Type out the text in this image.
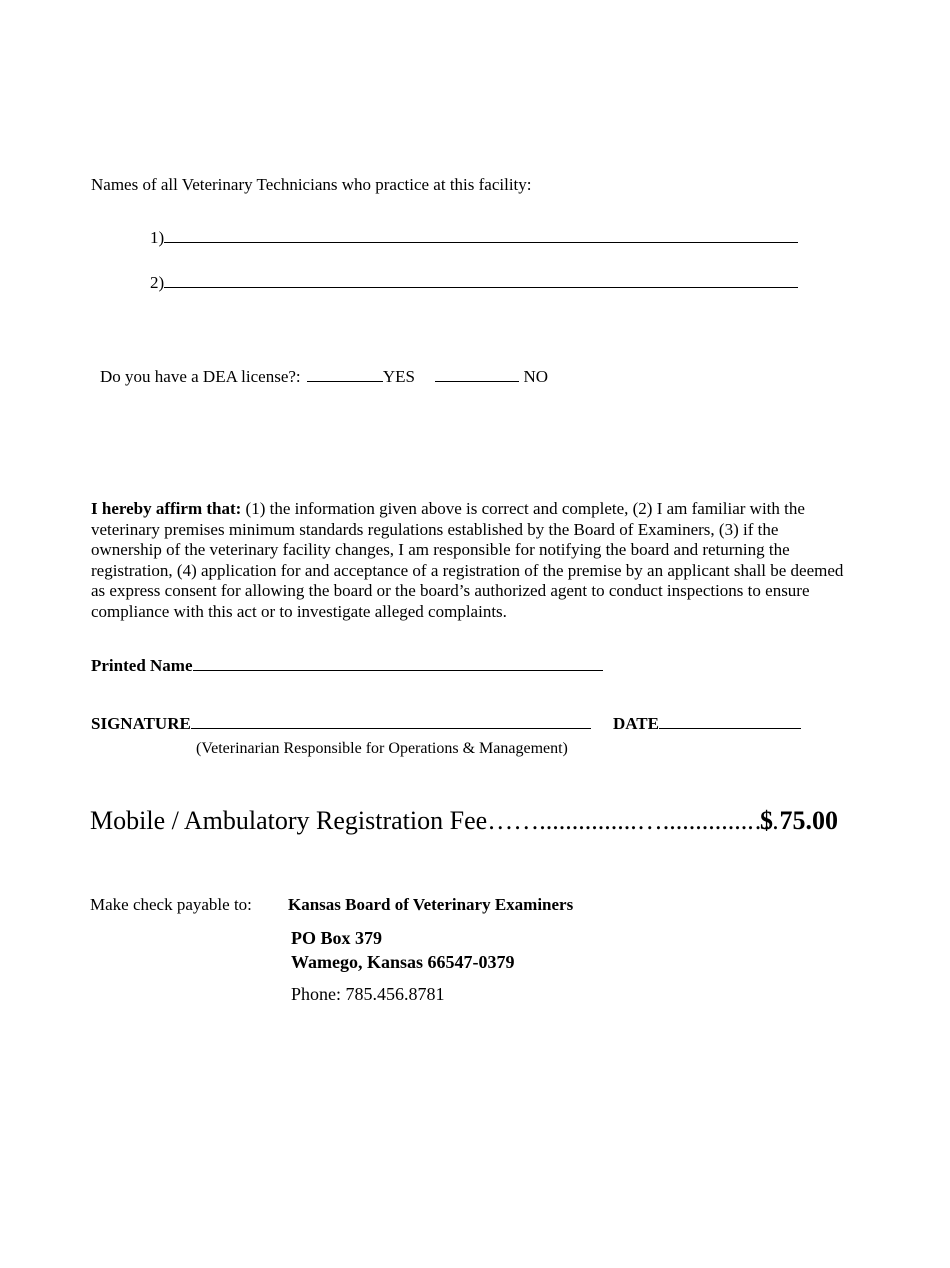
Names of all Veterinary Technicians who practice at this facility:
1)
2)
Do you have a DEA license?:	YES	NO
I hereby affirm that: (1) the information given above is correct and complete, (2) I am familiar with the veterinary premises minimum standards regulations established by the Board of Examiners, (3) if the ownership of the veterinary facility changes, I am responsible for notifying the board and returning the registration, (4) application for and acceptance of a registration of the premise by an applicant shall be deemed as express consent for allowing the board or the board’s authorized agent to conduct inspections to ensure compliance with this act or to investigate alleged complaints.
Printed Name
SIGNATURE	DATE
(Veterinarian Responsible for Operations & Management)
Mobile / Ambulatory Registration Fee……...............…..............…
$ 75.00
Make check payable to: Kansas Board of Veterinary Examiners
PO Box 379
Wamego, Kansas 66547-0379
Phone: 785.456.8781
